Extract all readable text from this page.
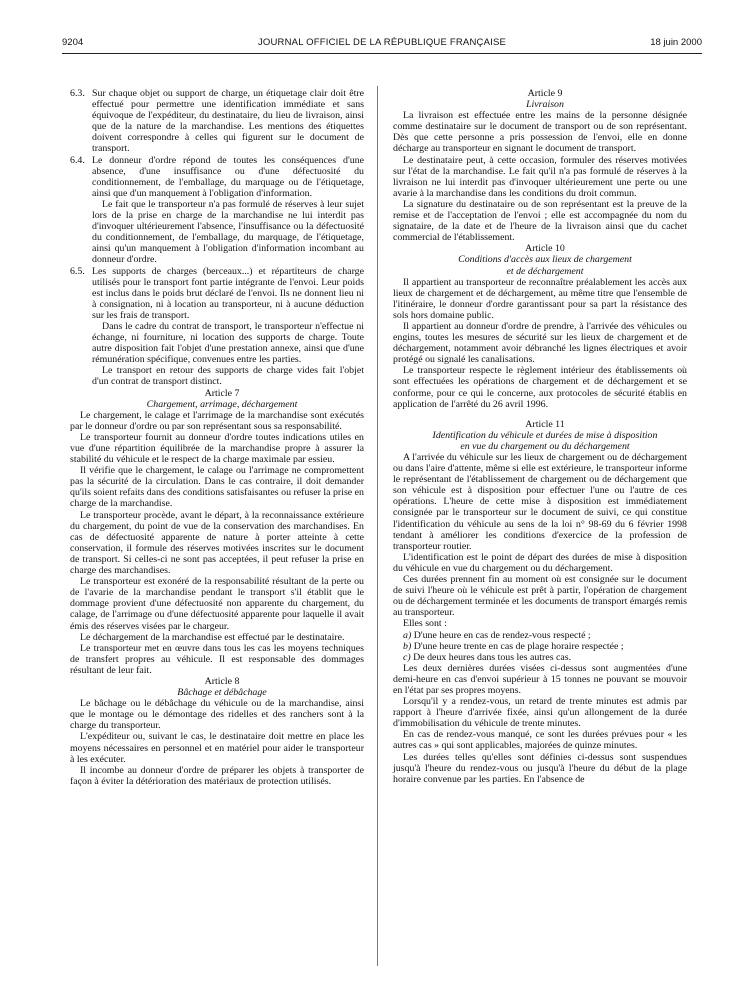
9204	JOURNAL OFFICIEL DE LA RÉPUBLIQUE FRANÇAISE	18 juin 2000
6.3. Sur chaque objet ou support de charge, un étiquetage clair doit être effectué pour permettre une identification immédiate et sans équivoque de l'expéditeur, du destinataire, du lieu de livraison, ainsi que de la nature de la marchandise. Les mentions des étiquettes doivent correspondre à celles qui figurent sur le document de transport.

6.4. Le donneur d'ordre répond de toutes les conséquences d'une absence, d'une insuffisance ou d'une défectuosité du conditionnement, de l'emballage, du marquage ou de l'étiquetage, ainsi que d'un manquement à l'obligation d'information.

Le fait que le transporteur n'a pas formulé de réserves à leur sujet lors de la prise en charge de la marchandise ne lui interdit pas d'invoquer ultérieurement l'absence, l'insuffisance ou la défectuosité du conditionnement, de l'emballage, du marquage, de l'étiquetage, ainsi qu'un manquement à l'obligation d'information incombant au donneur d'ordre.

6.5. Les supports de charges (berceaux...) et répartiteurs de charge utilisés pour le transport font partie intégrante de l'envoi. Leur poids est inclus dans le poids brut déclaré de l'envoi. Ils ne donnent lieu ni à consignation, ni à location au transporteur, ni à aucune déduction sur les frais de transport.

Dans le cadre du contrat de transport, le transporteur n'effectue ni échange, ni fourniture, ni location des supports de charge. Toute autre disposition fait l'objet d'une prestation annexe, ainsi que d'une rémunération spécifique, convenues entre les parties.

Le transport en retour des supports de charge vides fait l'objet d'un contrat de transport distinct.

Article 7

Chargement, arrimage, déchargement

Le chargement, le calage et l'arrimage de la marchandise sont exécutés par le donneur d'ordre ou par son représentant sous sa responsabilité.

Le transporteur fournit au donneur d'ordre toutes indications utiles en vue d'une répartition équilibrée de la marchandise propre à assurer la stabilité du véhicule et le respect de la charge maximale par essieu.

Il vérifie que le chargement, le calage ou l'arrimage ne compromettent pas la sécurité de la circulation. Dans le cas contraire, il doit demander qu'ils soient refaits dans des conditions satisfaisantes ou refuser la prise en charge de la marchandise.

Le transporteur procède, avant le départ, à la reconnaissance extérieure du chargement, du point de vue de la conservation des marchandises. En cas de défectuosité apparente de nature à porter atteinte à cette conservation, il formule des réserves motivées inscrites sur le document de transport. Si celles-ci ne sont pas acceptées, il peut refuser la prise en charge des marchandises.

Le transporteur est exonéré de la responsabilité résultant de la perte ou de l'avarie de la marchandise pendant le transport s'il établit que le dommage provient d'une défectuosité non apparente du chargement, du calage, de l'arrimage ou d'une défectuosité apparente pour laquelle il avait émis des réserves visées par le chargeur.

Le déchargement de la marchandise est effectué par le destinataire.

Le transporteur met en œuvre dans tous les cas les moyens techniques de transfert propres au véhicule. Il est responsable des dommages résultant de leur fait.

Article 8

Bâchage et débâchage

Le bâchage ou le débâchage du véhicule ou de la marchandise, ainsi que le montage ou le démontage des ridelles et des ranchers sont à la charge du transporteur.

L'expéditeur ou, suivant le cas, le destinataire doit mettre en place les moyens nécessaires en personnel et en matériel pour aider le transporteur à les exécuter.

Il incombe au donneur d'ordre de préparer les objets à transporter de façon à éviter la détérioration des matériaux de protection utilisés.

Article 9

Livraison

La livraison est effectuée entre les mains de la personne désignée comme destinataire sur le document de transport ou de son représentant. Dès que cette personne a pris possession de l'envoi, elle en donne décharge au transporteur en signant le document de transport.

Le destinataire peut, à cette occasion, formuler des réserves motivées sur l'état de la marchandise. Le fait qu'il n'a pas formulé de réserves à la livraison ne lui interdit pas d'invoquer ultérieurement une perte ou une avarie à la marchandise dans les conditions du droit commun.

La signature du destinataire ou de son représentant est la preuve de la remise et de l'acceptation de l'envoi ; elle est accompagnée du nom du signataire, de la date et de l'heure de la livraison ainsi que du cachet commercial de l'établissement.

Article 10

Conditions d'accès aux lieux de chargement

et de déchargement

Il appartient au transporteur de reconnaître préalablement les accès aux lieux de chargement et de déchargement, au même titre que l'ensemble de l'itinéraire, le donneur d'ordre garantissant pour sa part la résistance des sols hors domaine public.

Il appartient au donneur d'ordre de prendre, à l'arrivée des véhicules ou engins, toutes les mesures de sécurité sur les lieux de chargement et de déchargement, notamment avoir débranché les lignes électriques et avoir protégé ou signalé les canalisations.

Le transporteur respecte le règlement intérieur des établissements où sont effectuées les opérations de chargement et de déchargement et se conforme, pour ce qui le concerne, aux protocoles de sécurité établis en application de l'arrêté du 26 avril 1996.

Article 11

Identification du véhicule et durées de mise à disposition

en vue du chargement ou du déchargement

A l'arrivée du véhicule sur les lieux de chargement ou de déchargement ou dans l'aire d'attente, même si elle est extérieure, le transporteur informe le représentant de l'établissement de chargement ou de déchargement que son véhicule est à disposition pour effectuer l'une ou l'autre de ces opérations. L'heure de cette mise à disposition est immédiatement consignée par le transporteur sur le document de suivi, ce qui constitue l'identification du véhicule au sens de la loi n° 98-69 du 6 février 1998 tendant à améliorer les conditions d'exercice de la profession de transporteur routier.

L'identification est le point de départ des durées de mise à disposition du véhicule en vue du chargement ou du déchargement.

Ces durées prennent fin au moment où est consignée sur le document de suivi l'heure où le véhicule est prêt à partir, l'opération de chargement ou de déchargement terminée et les documents de transport émargés remis au transporteur.

Elles sont :

a) D'une heure en cas de rendez-vous respecté ;
b) D'une heure trente en cas de plage horaire respectée ;
c) De deux heures dans tous les autres cas.

Les deux dernières durées visées ci-dessus sont augmentées d'une demi-heure en cas d'envoi supérieur à 15 tonnes ne pouvant se mouvoir en l'état par ses propres moyens.

Lorsqu'il y a rendez-vous, un retard de trente minutes est admis par rapport à l'heure d'arrivée fixée, ainsi qu'un allongement de la durée d'immobilisation du véhicule de trente minutes.

En cas de rendez-vous manqué, ce sont les durées prévues pour « les autres cas » qui sont applicables, majorées de quinze minutes.

Les durées telles qu'elles sont définies ci-dessus sont suspendues jusqu'à l'heure du rendez-vous ou jusqu'à l'heure du début de la plage horaire convenue par les parties. En l'absence de
